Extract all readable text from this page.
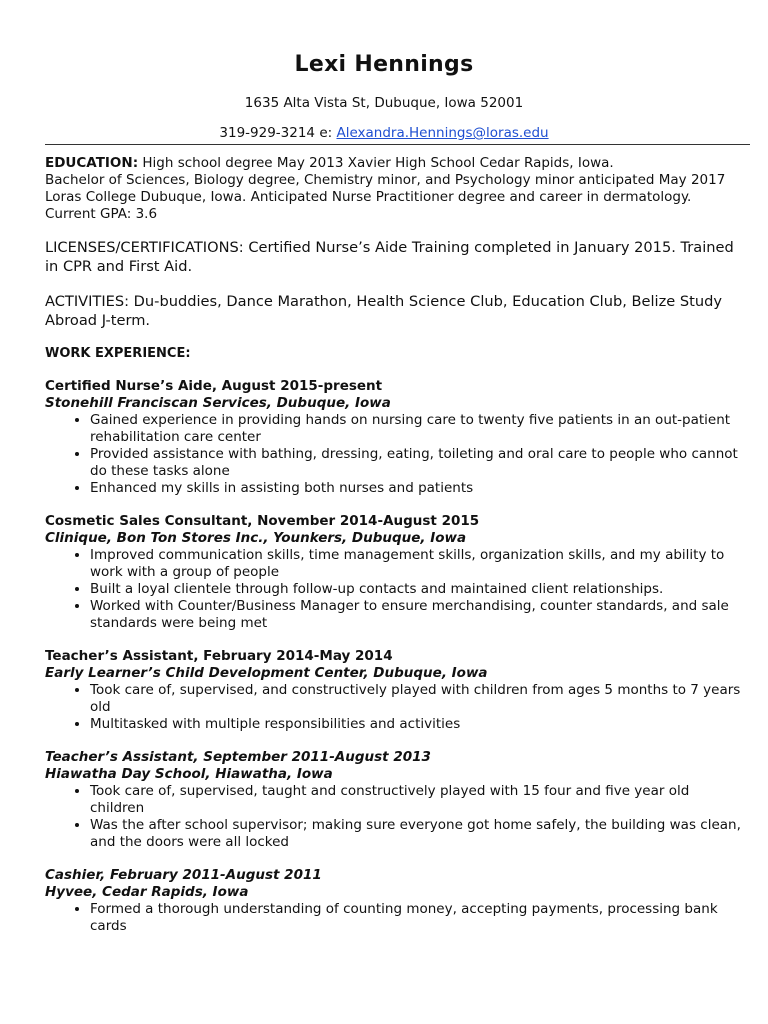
Lexi Hennings
1635 Alta Vista St, Dubuque, Iowa 52001
319-929-3214 e: Alexandra.Hennings@loras.edu
EDUCATION: High school degree May 2013 Xavier High School Cedar Rapids, Iowa.
Bachelor of Sciences, Biology degree, Chemistry minor, and Psychology minor anticipated May 2017 Loras College Dubuque, Iowa. Anticipated Nurse Practitioner degree and career in dermatology.
Current GPA: 3.6
LICENSES/CERTIFICATIONS: Certified Nurse’s Aide Training completed in January 2015. Trained in CPR and First Aid.
ACTIVITIES: Du-buddies, Dance Marathon, Health Science Club, Education Club, Belize Study Abroad J-term.
WORK EXPERIENCE:
Certified Nurse’s Aide, August 2015-present
Stonehill Franciscan Services, Dubuque, Iowa
• Gained experience in providing hands on nursing care to twenty five patients in an out-patient rehabilitation care center
• Provided assistance with bathing, dressing, eating, toileting and oral care to people who cannot do these tasks alone
• Enhanced my skills in assisting both nurses and patients
Cosmetic Sales Consultant, November 2014-August 2015
Clinique, Bon Ton Stores Inc., Younkers, Dubuque, Iowa
• Improved communication skills, time management skills, organization skills, and my ability to work with a group of people
• Built a loyal clientele through follow-up contacts and maintained client relationships.
• Worked with Counter/Business Manager to ensure merchandising, counter standards, and sale standards were being met
Teacher’s Assistant, February 2014-May 2014
Early Learner’s Child Development Center, Dubuque, Iowa
• Took care of, supervised, and constructively played with children from ages 5 months to 7 years old
• Multitasked with multiple responsibilities and activities
Teacher’s Assistant, September 2011-August 2013
Hiawatha Day School, Hiawatha, Iowa
• Took care of, supervised, taught and constructively played with 15 four and five year old children
• Was the after school supervisor; making sure everyone got home safely, the building was clean, and the doors were all locked
Cashier, February 2011-August 2011
Hyvee, Cedar Rapids, Iowa
• Formed a thorough understanding of counting money, accepting payments, processing bank cards
